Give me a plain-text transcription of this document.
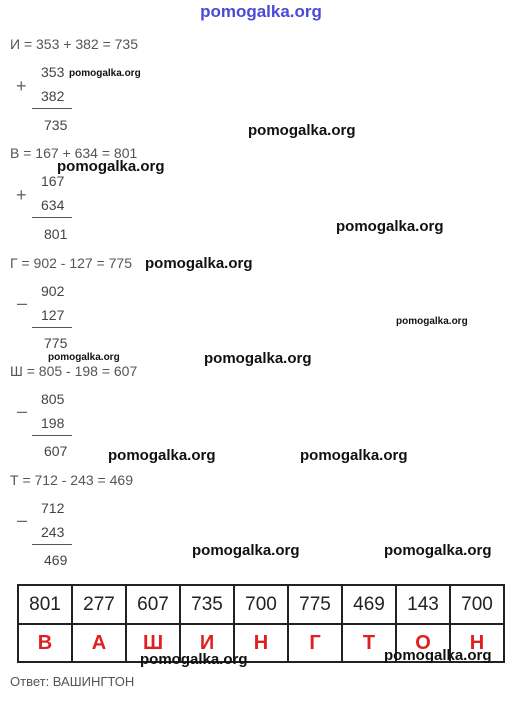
pomogalka.org
И = 353 + 382 = 735
+
353
382
735
В = 167 + 634 = 801
+
167
634
801
Г = 902 - 127 = 775
–
902
127
775
Ш = 805 - 198 = 607
–
805
198
607
Т = 712 - 243 = 469
–
712
243
469
801	277	607	735	700	775	469	143	700
В	А	Ш	И	Н	Г	Т	О	Н
Ответ: ВАШИНГТОН
pomogalka.org
pomogalka.org
pomogalka.org
pomogalka.org
pomogalka.org
pomogalka.org
pomogalka.org	pomogalka.org
pomogalka.org	pomogalka.org
pomogalka.org	pomogalka.org
pomogalka.org	pomogalka.org
